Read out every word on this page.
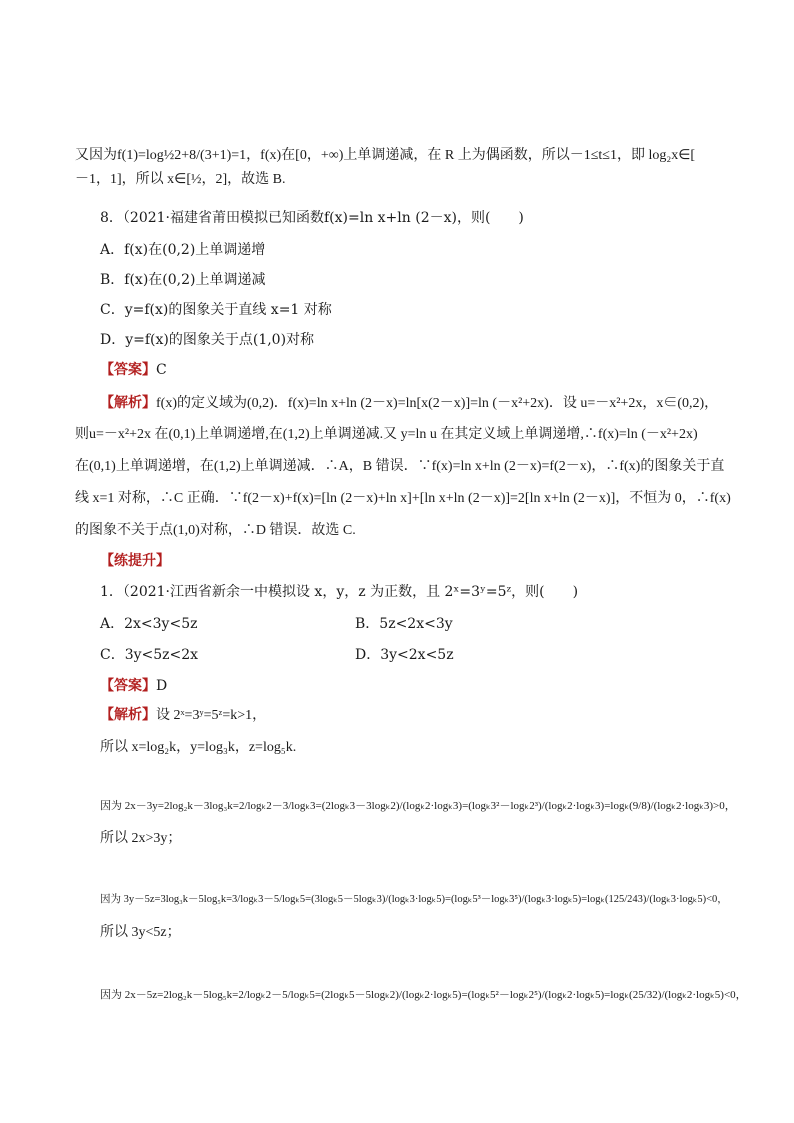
又因为f(1)=log½2+8/(3+1)=1，f(x)在[0，+∞)上单调递减，在 R 上为偶函数，所以－1≤t≤1，即 log₂x∈[
－1，1]，所以 x∈[½，2]，故选 B.
8．（2021·福建省莆田模拟已知函数f(x)=ln x+ln (2－x)，则(　　)
A．f(x)在(0,2)上单调递增
B．f(x)在(0,2)上单调递减
C．y=f(x)的图象关于直线 x=1 对称
D．y=f(x)的图象关于点(1,0)对称
【答案】C
【解析】f(x)的定义域为(0,2)．f(x)=ln x+ln (2－x)=ln[x(2－x)]=ln (－x²+2x)．设 u=－x²+2x，x∈(0,2)，
则u=－x²+2x 在(0,1)上单调递增,在(1,2)上单调递减.又 y=ln u 在其定义域上单调递增,∴f(x)=ln (－x²+2x)
在(0,1)上单调递增，在(1,2)上单调递减．∴A，B 错误．∵f(x)=ln x+ln (2－x)=f(2－x)，∴f(x)的图象关于直
线 x=1 对称，∴C 正确．∵f(2－x)+f(x)=[ln (2－x)+ln x]+[ln x+ln (2－x)]=2[ln x+ln (2－x)]，不恒为 0，∴f(x)
的图象不关于点(1,0)对称，∴D 错误．故选 C.
【练提升】
1．（2021·江西省新余一中模拟设 x，y，z 为正数，且 2ˣ=3ʸ=5ᶻ，则(　　)
A．2x<3y<5z	B．5z<2x<3y
C．3y<5z<2x	D．3y<2x<5z
【答案】D
【解析】设 2ˣ=3ʸ=5ᶻ=k>1，
所以 x=log₂k，y=log₃k，z=log₅k.
因为 2x－3y=2log₂k－3log₃k=2/logₖ2－3/logₖ3=(2logₖ3－3logₖ2)/(logₖ2·logₖ3)=(logₖ3²－logₖ2³)/(logₖ2·logₖ3)=logₖ(9/8)/(logₖ2·logₖ3)>0，
所以 2x>3y；
因为 3y－5z=3log₃k－5log₅k=3/logₖ3－5/logₖ5=(3logₖ5－5logₖ3)/(logₖ3·logₖ5)=(logₖ5³－logₖ3⁵)/(logₖ3·logₖ5)=logₖ(125/243)/(logₖ3·logₖ5)<0，
所以 3y<5z；
因为 2x－5z=2log₂k－5log₅k=2/logₖ2－5/logₖ5=(2logₖ5－5logₖ2)/(logₖ2·logₖ5)=(logₖ5²－logₖ2⁵)/(logₖ2·logₖ5)=logₖ(25/32)/(logₖ2·logₖ5)<0，
